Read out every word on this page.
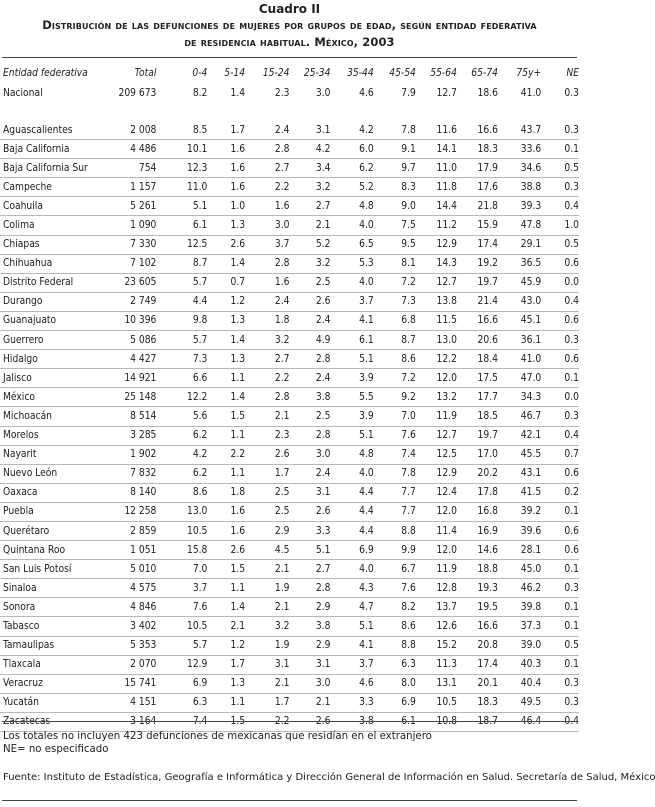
Cuadro II
Distribución de las defunciones de mujeres por grupos de edad, según entidad federativa
de residencia habitual. México, 2003
Entidad federativa	Total	0-4	5-14	15-24	25-34	35-44	45-54	55-64	65-74	75y+	NE
Nacional	209 673	8.2	1.4	2.3	3.0	4.6	7.9	12.7	18.6	41.0	0.3

Aguascalientes	2 008	8.5	1.7	2.4	3.1	4.2	7.8	11.6	16.6	43.7	0.3
Baja California	4 486	10.1	1.6	2.8	4.2	6.0	9.1	14.1	18.3	33.6	0.1
Baja California Sur	754	12.3	1.6	2.7	3.4	6.2	9.7	11.0	17.9	34.6	0.5
Campeche	1 157	11.0	1.6	2.2	3.2	5.2	8.3	11.8	17.6	38.8	0.3
Coahuila	5 261	5.1	1.0	1.6	2.7	4.8	9.0	14.4	21.8	39.3	0.4
Colima	1 090	6.1	1.3	3.0	2.1	4.0	7.5	11.2	15.9	47.8	1.0
Chiapas	7 330	12.5	2.6	3.7	5.2	6.5	9.5	12.9	17.4	29.1	0.5
Chihuahua	7 102	8.7	1.4	2.8	3.2	5.3	8.1	14.3	19.2	36.5	0.6
Distrito Federal	23 605	5.7	0.7	1.6	2.5	4.0	7.2	12.7	19.7	45.9	0.0
Durango	2 749	4.4	1.2	2.4	2.6	3.7	7.3	13.8	21.4	43.0	0.4
Guanajuato	10 396	9.8	1.3	1.8	2.4	4.1	6.8	11.5	16.6	45.1	0.6
Guerrero	5 086	5.7	1.4	3.2	4.9	6.1	8.7	13.0	20.6	36.1	0.3
Hidalgo	4 427	7.3	1.3	2.7	2.8	5.1	8.6	12.2	18.4	41.0	0.6
Jalisco	14 921	6.6	1.1	2.2	2.4	3.9	7.2	12.0	17.5	47.0	0.1
México	25 148	12.2	1.4	2.8	3.8	5.5	9.2	13.2	17.7	34.3	0.0
Michoacán	8 514	5.6	1.5	2.1	2.5	3.9	7.0	11.9	18.5	46.7	0.3
Morelos	3 285	6.2	1.1	2.3	2.8	5.1	7.6	12.7	19.7	42.1	0.4
Nayarit	1 902	4.2	2.2	2.6	3.0	4.8	7.4	12.5	17.0	45.5	0.7
Nuevo León	7 832	6.2	1.1	1.7	2.4	4.0	7.8	12.9	20.2	43.1	0.6
Oaxaca	8 140	8.6	1.8	2.5	3.1	4.4	7.7	12.4	17.8	41.5	0.2
Puebla	12 258	13.0	1.6	2.5	2.6	4.4	7.7	12.0	16.8	39.2	0.1
Querétaro	2 859	10.5	1.6	2.9	3.3	4.4	8.8	11.4	16.9	39.6	0.6
Quintana Roo	1 051	15.8	2.6	4.5	5.1	6.9	9.9	12.0	14.6	28.1	0.6
San Luis Potosí	5 010	7.0	1.5	2.1	2.7	4.0	6.7	11.9	18.8	45.0	0.1
Sinaloa	4 575	3.7	1.1	1.9	2.8	4.3	7.6	12.8	19.3	46.2	0.3
Sonora	4 846	7.6	1.4	2.1	2.9	4.7	8.2	13.7	19.5	39.8	0.1
Tabasco	3 402	10.5	2.1	3.2	3.8	5.1	8.6	12.6	16.6	37.3	0.1
Tamaulipas	5 353	5.7	1.2	1.9	2.9	4.1	8.8	15.2	20.8	39.0	0.5
Tlaxcala	2 070	12.9	1.7	3.1	3.1	3.7	6.3	11.3	17.4	40.3	0.1
Veracruz	15 741	6.9	1.3	2.1	3.0	4.6	8.0	13.1	20.1	40.4	0.3
Yucatán	4 151	6.3	1.1	1.7	2.1	3.3	6.9	10.5	18.3	49.5	0.3
Zacatecas	3 164	7.4	1.5	2.2	2.6	3.8	6.1	10.8	18.7	46.4	0.4
Los totales no incluyen 423 defunciones de mexicanas que residían en el extranjero
NE= no especificado
Fuente: Instituto de Estadística, Geografía e Informática y Dirección General de Información en Salud. Secretaría de Salud, México
